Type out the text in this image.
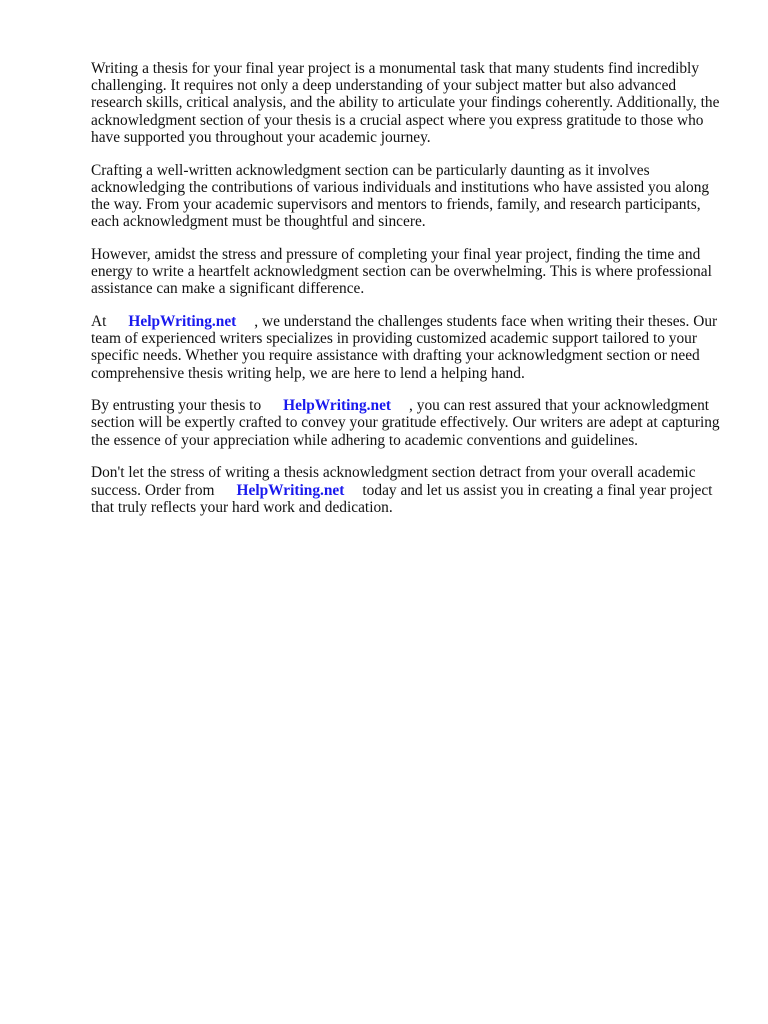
Writing a thesis for your final year project is a monumental task that many students find incredibly challenging. It requires not only a deep understanding of your subject matter but also advanced research skills, critical analysis, and the ability to articulate your findings coherently. Additionally, the acknowledgment section of your thesis is a crucial aspect where you express gratitude to those who have supported you throughout your academic journey.

Crafting a well-written acknowledgment section can be particularly daunting as it involves acknowledging the contributions of various individuals and institutions who have assisted you along the way. From your academic supervisors and mentors to friends, family, and research participants, each acknowledgment must be thoughtful and sincere.

However, amidst the stress and pressure of completing your final year project, finding the time and energy to write a heartfelt acknowledgment section can be overwhelming. This is where professional assistance can make a significant difference.

At HelpWriting.net , we understand the challenges students face when writing their theses. Our team of experienced writers specializes in providing customized academic support tailored to your specific needs. Whether you require assistance with drafting your acknowledgment section or need comprehensive thesis writing help, we are here to lend a helping hand.

By entrusting your thesis to HelpWriting.net , you can rest assured that your acknowledgment section will be expertly crafted to convey your gratitude effectively. Our writers are adept at capturing the essence of your appreciation while adhering to academic conventions and guidelines.

Don't let the stress of writing a thesis acknowledgment section detract from your overall academic success. Order from HelpWriting.net today and let us assist you in creating a final year project that truly reflects your hard work and dedication.
